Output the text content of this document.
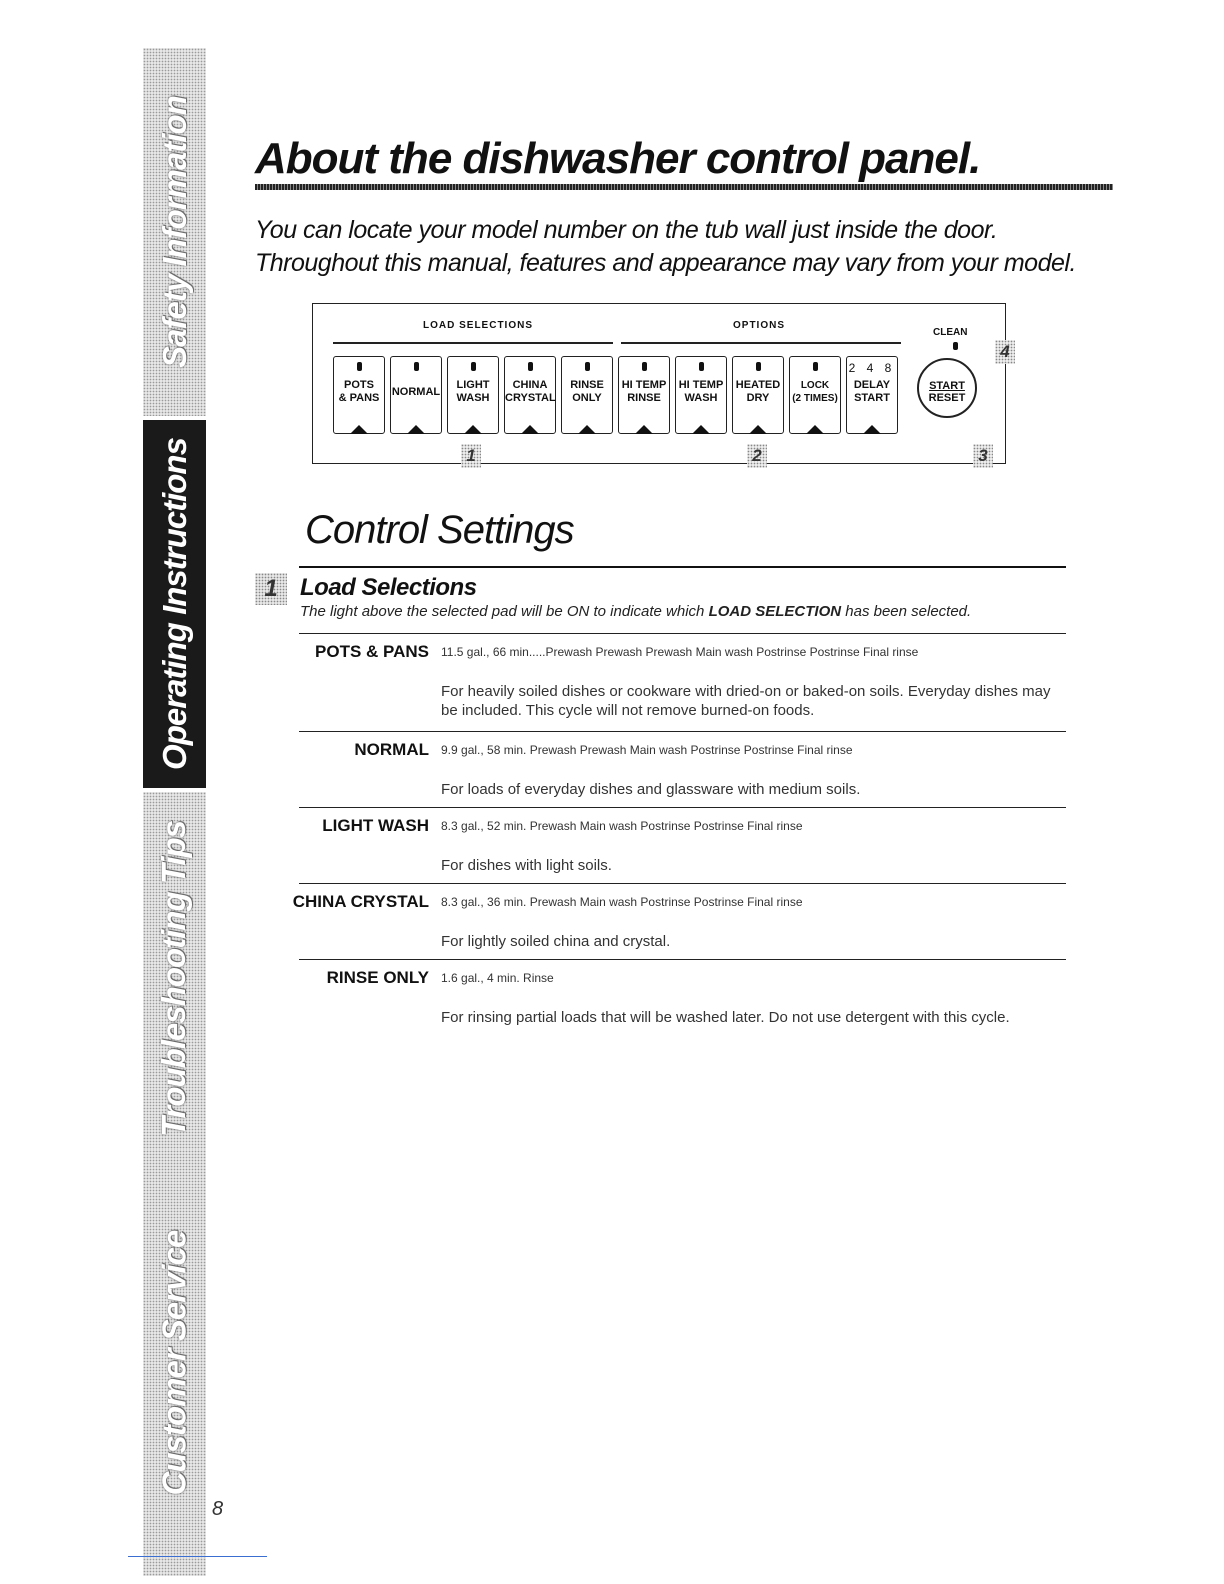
Safety Information
Operating Instructions
Troubleshooting Tips
Customer Service
8
About the dishwasher control panel.

You can locate your model number on the tub wall just inside the door.

Throughout this manual, features and appearance may vary from your model.

LOAD SELECTIONS	OPTIONS
POTS
& PANS	NORMAL
LIGHT
WASH
CHINA
CRYSTAL
RINSE
ONLY
HI TEMP
RINSE
HI TEMP
WASH
HEATED
DRY
LOCK
(2 TIMES)
2 4 8
DELAY
START
CLEAN
START
RESET
1	2	3
4
Control Settings
1 Load Selections

The light above the selected pad will be ON to indicate which LOAD SELECTION has been selected.

POTS & PANS 11.5 gal., 66 min.....Prewash Prewash Prewash Main wash Postrinse Postrinse Final rinse
For heavily soiled dishes or cookware with dried-on or baked-on soils. Everyday dishes may be included. This cycle will not remove burned-on foods.
NORMAL 9.9 gal., 58 min. Prewash Prewash Main wash Postrinse Postrinse Final rinse
For loads of everyday dishes and glassware with medium soils.
LIGHT WASH 8.3 gal., 52 min. Prewash Main wash Postrinse Postrinse Final rinse
For dishes with light soils.
CHINA CRYSTAL 8.3 gal., 36 min. Prewash Main wash Postrinse Postrinse Final rinse
For lightly soiled china and crystal.
RINSE ONLY 1.6 gal., 4 min. Rinse
For rinsing partial loads that will be washed later. Do not use detergent with this cycle.
